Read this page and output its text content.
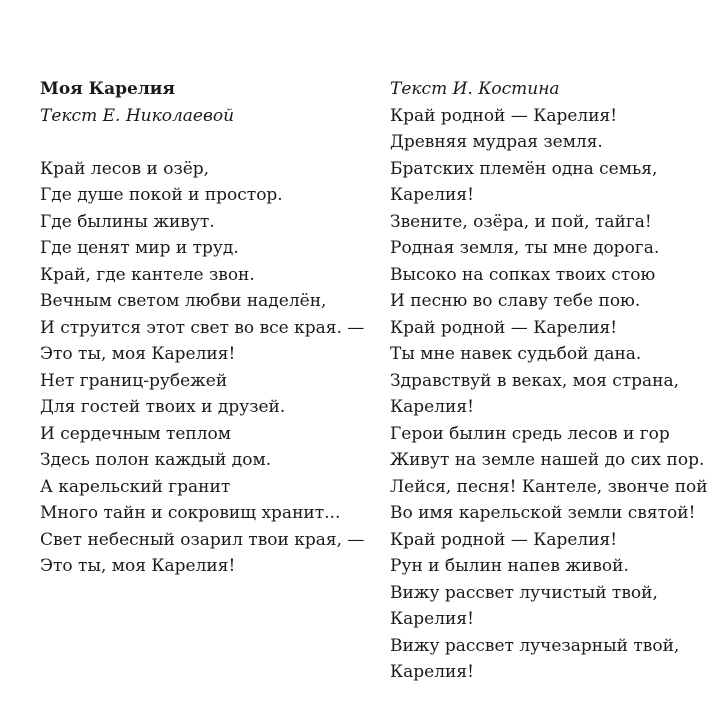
Моя Карелия
Текст Е. Николаевой
Край лесов и озёр,
Где душе покой и простор.
Где былины живут.
Где ценят мир и труд.
Край, где кантеле звон.
Вечным светом любви наделён,
И струится этот свет во все края. —
Это ты, моя Карелия!
Нет границ-рубежей
Для гостей твоих и друзей.
И сердечным теплом
Здесь полон каждый дом.
А карельский гранит
Много тайн и сокровищ хранит...
Свет небесный озарил твои края, —
Это ты, моя Карелия!
Текст И. Костина
Край родной — Карелия!
Древняя мудрая земля.
Братских племён одна семья,
Карелия!
Звените, озёра, и пой, тайга!
Родная земля, ты мне дорога.
Высоко на сопках твоих стою
И песню во славу тебе пою.
Край родной — Карелия!
Ты мне навек судьбой дана.
Здравствуй в веках, моя страна,
Карелия!
Герои былин средь лесов и гор
Живут на земле нашей до сих пор.
Лейся, песня! Кантеле, звонче пой
Во имя карельской земли святой!
Край родной — Карелия!
Рун и былин напев живой.
Вижу рассвет лучистый твой,
Карелия!
Вижу рассвет лучезарный твой,
Карелия!
